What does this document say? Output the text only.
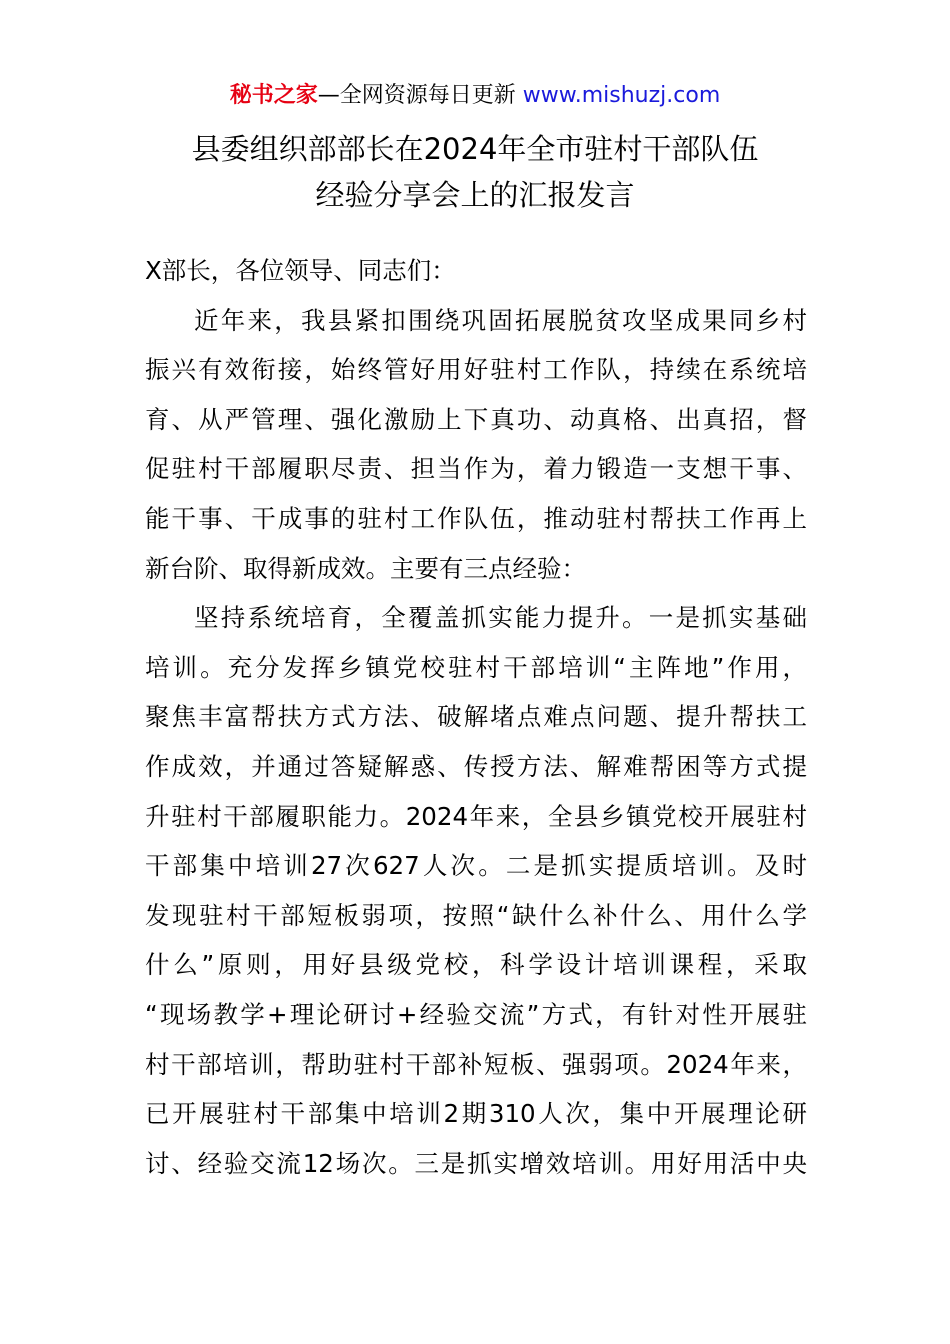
秘书之家—全网资源每日更新 www.mishuzj.com
县委组织部部长在2024年全市驻村干部队伍
经验分享会上的汇报发言
X部长，各位领导、同志们：
近年来，我县紧扣围绕巩固拓展脱贫攻坚成果同乡村
振兴有效衔接，始终管好用好驻村工作队，持续在系统培
育、从严管理、强化激励上下真功、动真格、出真招，督
促驻村干部履职尽责、担当作为，着力锻造一支想干事、
能干事、干成事的驻村工作队伍，推动驻村帮扶工作再上
新台阶、取得新成效。主要有三点经验：
坚持系统培育，全覆盖抓实能力提升。一是抓实基础
培训。充分发挥乡镇党校驻村干部培训“主阵地”作用，
聚焦丰富帮扶方式方法、破解堵点难点问题、提升帮扶工
作成效，并通过答疑解惑、传授方法、解难帮困等方式提
升驻村干部履职能力。2024年来，全县乡镇党校开展驻村
干部集中培训27次627人次。二是抓实提质培训。及时
发现驻村干部短板弱项，按照“缺什么补什么、用什么学
什么”原则，用好县级党校，科学设计培训课程，采取
“现场教学+理论研讨+经验交流”方式，有针对性开展驻
村干部培训，帮助驻村干部补短板、强弱项。2024年来，
已开展驻村干部集中培训2期310人次，集中开展理论研
讨、经验交流12场次。三是抓实增效培训。用好用活中央
